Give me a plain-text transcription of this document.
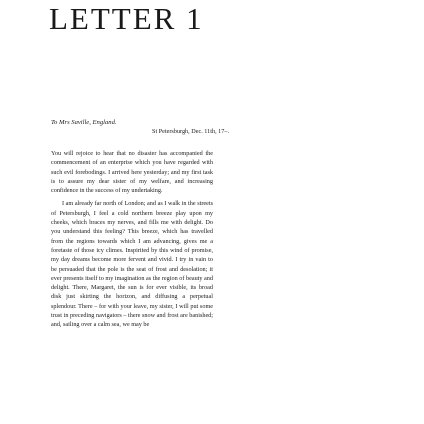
LETTER 1
To Mrs Saville, England.
St Petersburgh, Dec. 11th, 17–.

You will rejoice to hear that no disaster has accompanied the commencement of an enterprise which you have regarded with such evil forebodings. I arrived here yesterday; and my first task is to assure my dear sister of my welfare, and increasing confidence in the success of my undertaking.

I am already far north of London; and as I walk in the streets of Petersburgh, I feel a cold northern breeze play upon my cheeks, which braces my nerves, and fills me with delight. Do you understand this feeling? This breeze, which has travelled from the regions towards which I am advancing, gives me a foretaste of those icy climes. Inspirited by this wind of promise, my day dreams become more fervent and vivid. I try in vain to be persuaded that the pole is the seat of frost and desolation; it ever presents itself to my imagination as the region of beauty and delight. There, Margaret, the sun is for ever visible, its broad disk just skirting the horizon, and diffusing a perpetual splendour. There – for with your leave, my sister, I will put some trust in preceding navigators – there snow and frost are banished; and, sailing over a calm sea, we may be
